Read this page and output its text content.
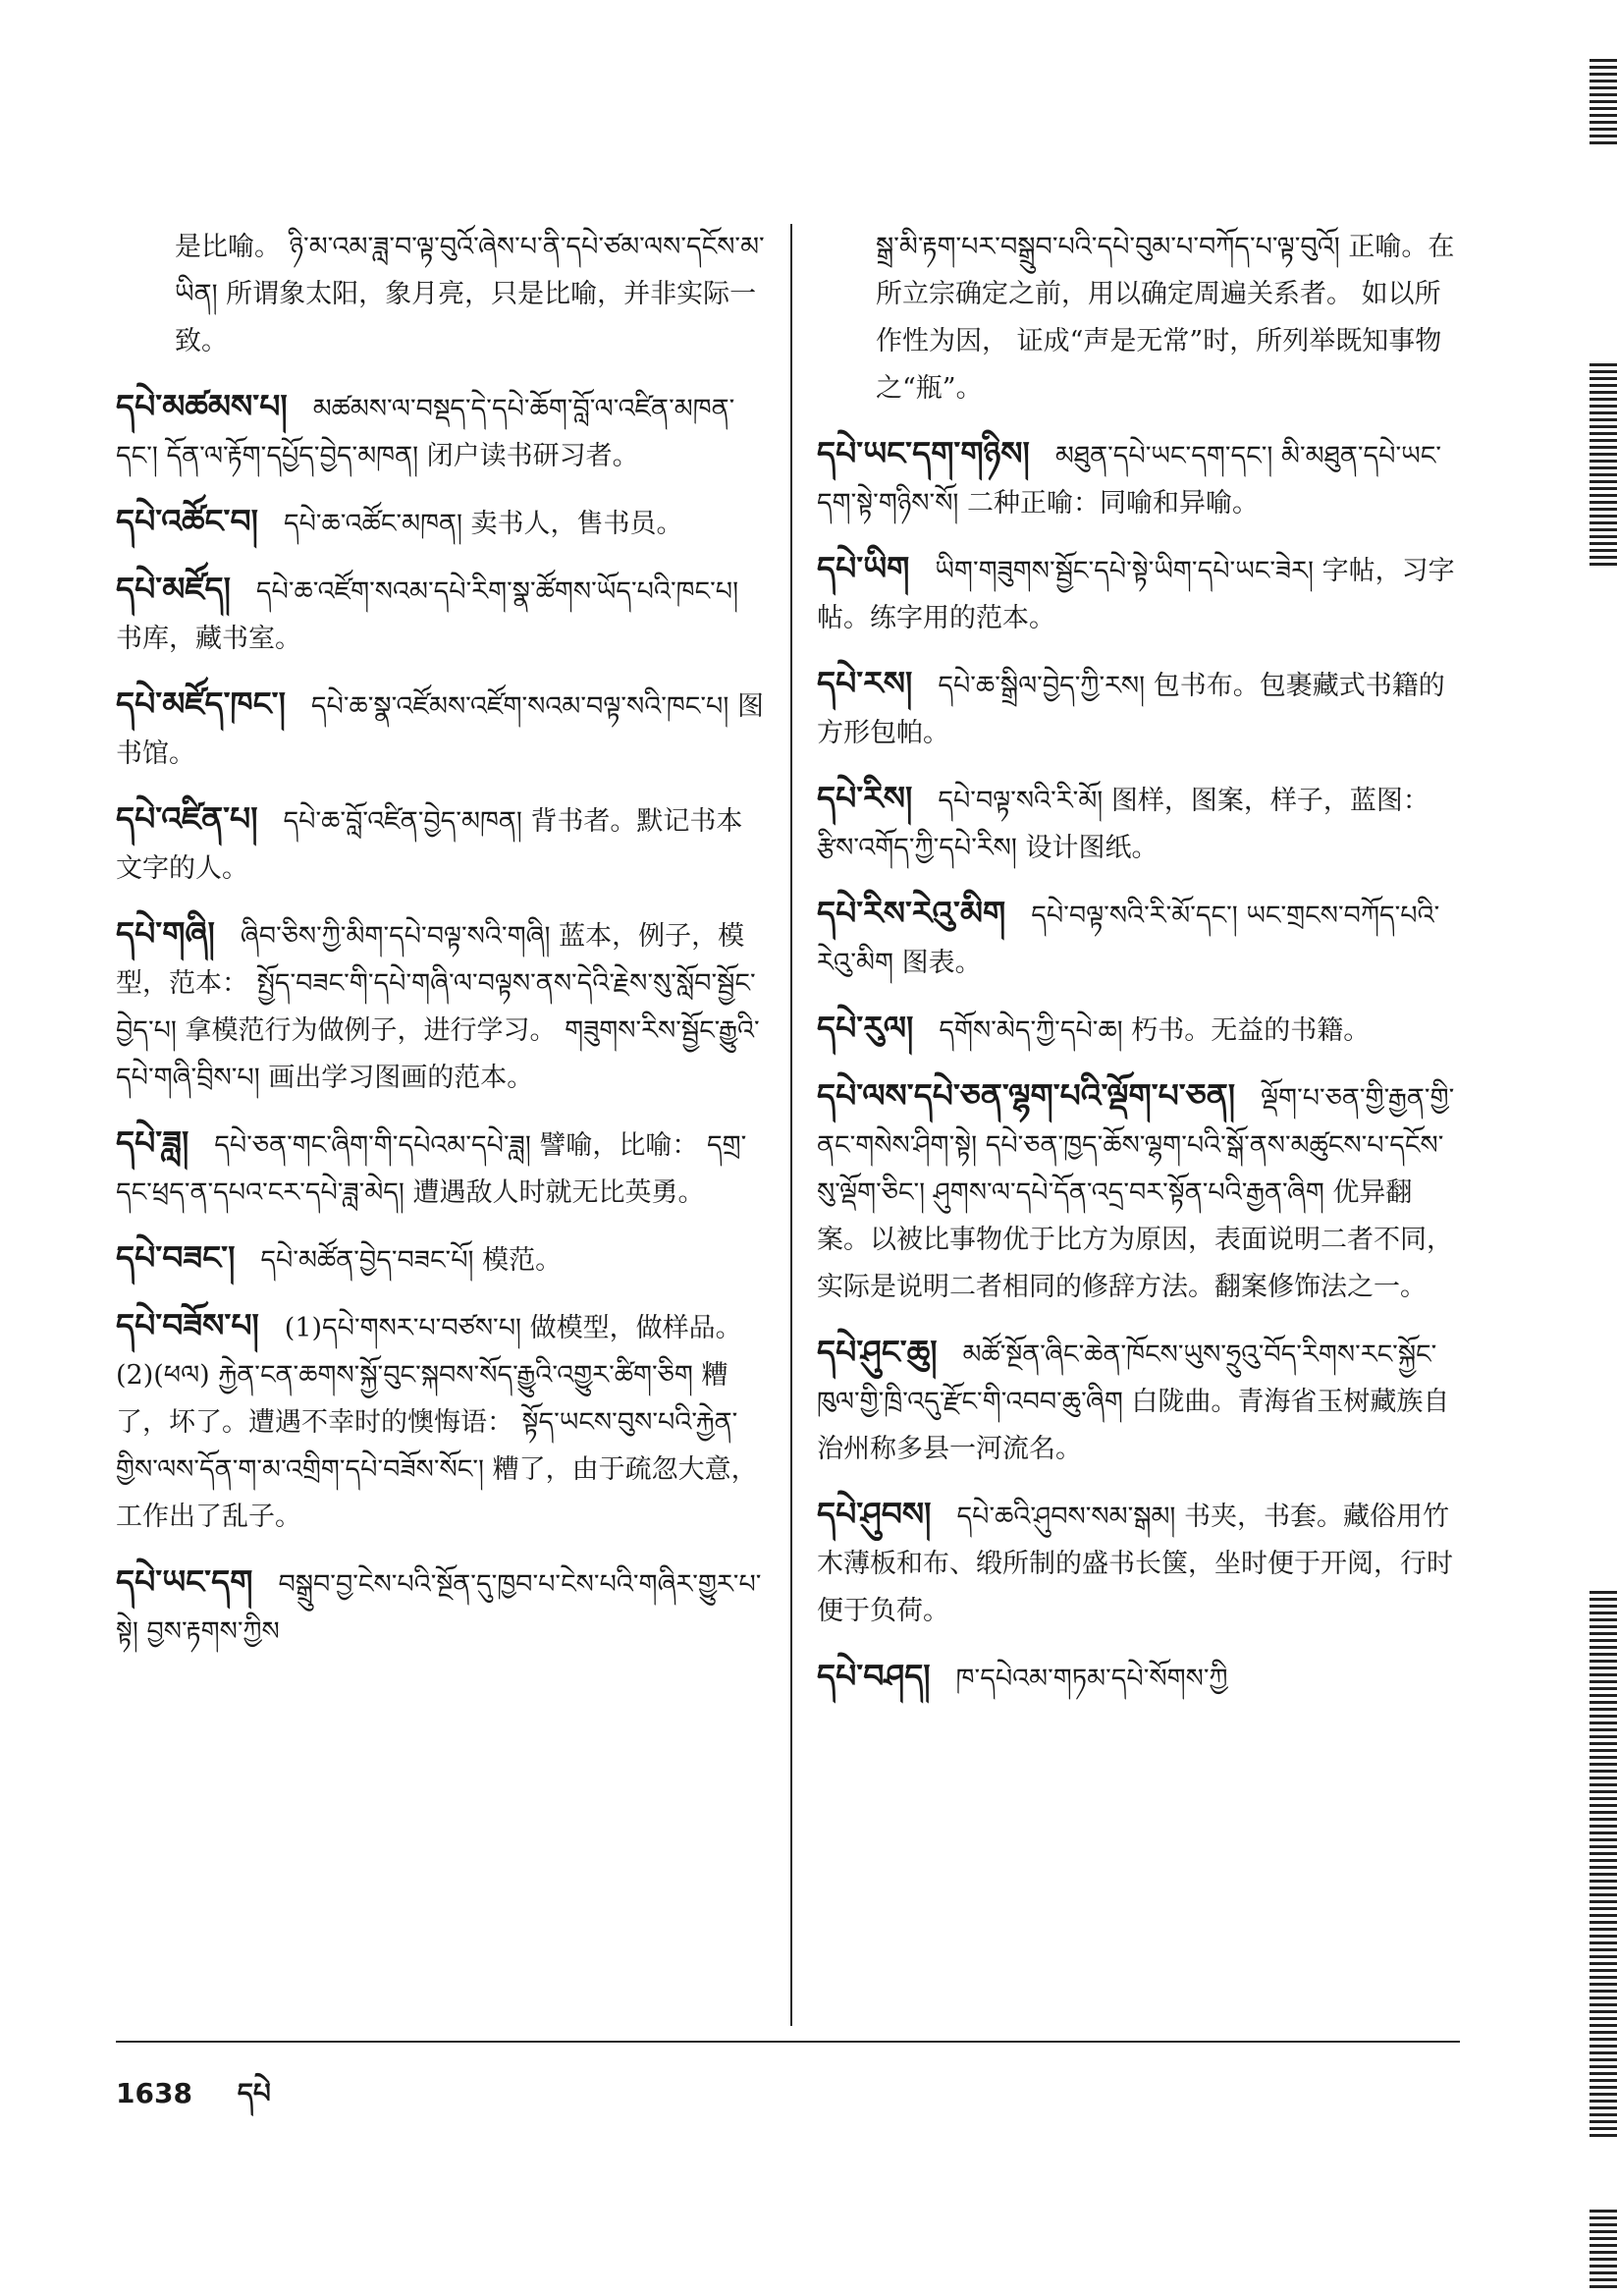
是比喻。 ཉི་མ་འམ་ཟླ་བ་ལྟ་བུའོ་ཞེས་པ་ནི་དཔེ་ཙམ་ལས་དངོས་མ་ཡིན། 所谓象太阳，象月亮，只是比喻，并非实际一致。
དཔེ་མཚམས་པ། མཚམས་ལ་བསྡད་དེ་དཔེ་ཆོག་བློ་ལ་འཛིན་མཁན་དང་། དོན་ལ་རྟོག་དཔྱོད་བྱེད་མཁན། 闭户读书研习者。
དཔེ་འཚོང་བ། དཔེ་ཆ་འཚོང་མཁན། 卖书人，售书员。
དཔེ་མཛོད། དཔེ་ཆ་འཛོག་སའམ་དཔེ་རིག་སྣ་ཚོགས་ཡོད་པའི་ཁང་པ། 书库，藏书室。
དཔེ་མཛོད་ཁང་། དཔེ་ཆ་སྣ་འཛོམས་འཛོག་སའམ་བལྟ་སའི་ཁང་པ། 图书馆。
དཔེ་འཛིན་པ། དཔེ་ཆ་བློ་འཛིན་བྱེད་མཁན། 背书者。默记书本文字的人。
དཔེ་གཞི། ཞིབ་ཅིས་ཀྱི་མིག་དཔེ་བལྟ་སའི་གཞི། 蓝本，例子，模型，范本： སྤྱོད་བཟང་གི་དཔེ་གཞི་ལ་བལྟས་ནས་དེའི་རྗེས་སུ་སློབ་སྦྱོང་བྱེད་པ། 拿模范行为做例子，进行学习。 གཟུགས་རིས་སྦྱོང་རྒྱུའི་དཔེ་གཞི་བྲིས་པ། 画出学习图画的范本。
དཔེ་ཟླ། དཔེ་ཅན་གང་ཞིག་གི་དཔེའམ་དཔེ་ཟླ། 譬喻，比喻： དགྲ་དང་ཕྲད་ན་དཔའ་ངར་དཔེ་ཟླ་མེད། 遭遇敌人时就无比英勇。
དཔེ་བཟང་། དཔེ་མཚོན་བྱེད་བཟང་པོ། 模范。
དཔེ་བཟོས་པ། (1)དཔེ་གསར་པ་བཙས་པ། 做模型，做样品。(2)(ཕལ) རྐྱེན་ངན་ཆགས་སྐྱོ་བུང་སྐབས་སོད་རྒྱུའི་འགྱུར་ཚིག་ཅིག 糟了，坏了。遭遇不幸时的懊悔语： སྟོད་ཡངས་བུས་པའི་རྐྱེན་གྱིས་ལས་དོན་ག་མ་འགྲིག་དཔེ་བཟོས་སོང་། 糟了，由于疏忽大意，工作出了乱子。
དཔེ་ཡང་དག བསྒྲུབ་བྱ་ངེས་པའི་སྔོན་དུ་ཁྱབ་པ་ངེས་པའི་གཞིར་གྱུར་པ་སྟེ། བྱས་རྟགས་ཀྱིས
སྒྲ་མི་རྟག་པར་བསྒྲུབ་པའི་དཔེ་བུམ་པ་བཀོད་པ་ལྟ་བུའོ། 正喻。在所立宗确定之前，用以确定周遍关系者。 如以所作性为因， 证成“声是无常”时，所列举既知事物之“瓶”。
དཔེ་ཡང་དག་གཉིས། མཐུན་དཔེ་ཡང་དག་དང་། མི་མཐུན་དཔེ་ཡང་དག་སྟེ་གཉིས་སོ། 二种正喻：同喻和异喻。
དཔེ་ཡིག ཡིག་གཟུགས་སྦྱོང་དཔེ་སྟེ་ཡིག་དཔེ་ཡང་ཟེར། 字帖，习字帖。练字用的范本。
དཔེ་རས། དཔེ་ཆ་སྒྲིལ་བྱེད་ཀྱི་རས། 包书布。包裹藏式书籍的方形包帕。
དཔེ་རིས། དཔེ་བལྟ་སའི་རི་མོ། 图样，图案，样子，蓝图： རྩིས་འགོད་ཀྱི་དཔེ་རིས། 设计图纸。
དཔེ་རིས་རེའུ་མིག དཔེ་བལྟ་སའི་རི་མོ་དང་། ཡང་གྲངས་བཀོད་པའི་རེའུ་མིག 图表。
དཔེ་རུལ། དགོས་མེད་ཀྱི་དཔེ་ཆ། 朽书。无益的书籍。
དཔེ་ལས་དཔེ་ཅན་ལྷག་པའི་ལྡོག་པ་ཅན། ལྡོག་པ་ཅན་གྱི་རྒྱན་གྱི་ནང་གསེས་ཤིག་སྟེ། དཔེ་ཅན་ཁྱད་ཆོས་ལྷག་པའི་སྒོ་ནས་མཚུངས་པ་དངོས་སུ་ལྡོག་ཅིང་། ཤུགས་ལ་དཔེ་དོན་འདྲ་བར་སྟོན་པའི་རྒྱན་ཞིག 优异翻案。以被比事物优于比方为原因，表面说明二者不同，实际是说明二者相同的修辞方法。翻案修饰法之一。
དཔེ་ཤུང་ཆུ། མཚོ་སྔོན་ཞིང་ཆེན་ཁོངས་ཡུས་ཧྲུའུ་བོད་རིགས་རང་སྐྱོང་ཁུལ་གྱི་ཁྲི་འདུ་རྫོང་གི་འབབ་ཆུ་ཞིག 白陇曲。青海省玉树藏族自治州称多县一河流名。
དཔེ་ཤུབས། དཔེ་ཆའི་ཤུབས་སམ་སྒམ། 书夹，书套。藏俗用竹木薄板和布、缎所制的盛书长箧，坐时便于开阅，行时便于负荷。
དཔེ་བཤད། ཁ་དཔེའམ་གཏམ་དཔེ་སོགས་ཀྱི
1638 དཔེ
